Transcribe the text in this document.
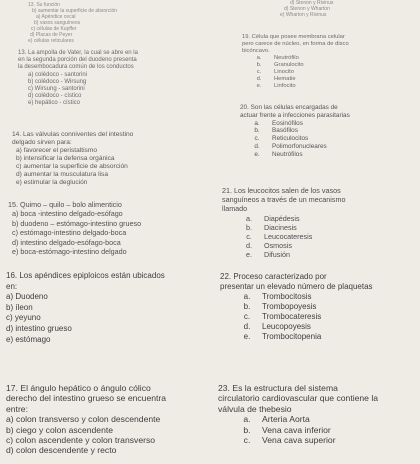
13. Su función
b) aumentar la superficie de absorción
a) Apéndice cecal
b) vasos sanguíneos
c) células de Kupffer
d) Placas de Peyer
e) células reticulares
13. La ampolla de Vater, la cual se abre en la
en la segunda porción del duodeno presenta
la desembocadura común de los conductos
a) colédoco - santorini
b) colédoco - Wirsung
c) Wirsung - santorini
d) colédoco - cístico
e) hepático - cístico
14. Las válvulas conniventes del intestino
delgado sirven para:
a) favorecer el peristaltismo
b) intensificar la defensa orgánica
c) aumentar la superficie de absorción
d) aumentar la musculatura lisa
e) estimular la deglución
15. Quimo – quilo – bolo alimenticio
a) boca -intestino delgado-esófago
b) duodeno – estómago-intestino grueso
c) estómago-intestino delgado-boca
d) intestino delgado-esófago-boca
e) boca-estómago-intestino delgado
16. Los apéndices epiploicos están ubicados
en:
a) Duodeno
b) íleon
c) yeyuno
d) intestino grueso
e) estómago
17. El ángulo hepático o ángulo cólico
derecho del intestino grueso se encuentra
entre:
a) colon transverso y colon descendente
b) ciego y colon ascendente
c) colon ascendente y colon transverso
d) colon descendente y recto
d) Stenon y Rivinus
d) Stenon y Wharton
e) Wharton y Rivinus
19. Célula que posee membrana celular
pero carece de núcleo, en forma de disco
bicóncavo.
a.	Neutrófilo
b.	Granulocito
c.	Linocito
d.	Hematie
e.	Linfocito
20. Son las células encargadas de
actuar frente a infecciones parasitarias
a.	Eosinófilos
b.	Basófilos
c.	Reticulocitos
d.	Polimorfonucleares
e.	Neutrófilos
21. Los leucocitos salen de los vasos
sanguíneos a través de un mecanismo
llamado
a.	Diapédesis
b.	Diacinesis
c.	Leucocateresis
d.	Osmosis
e.	Difusión
22. Proceso caracterizado por
presentar un elevado número de plaquetas
a.	Trombocitosis
b.	Trombopoyesis
c.	Trombocateresis
d.	Leucopoyesis
e.	Trombocitopenia
23. Es la estructura del sistema
circulatorio cardiovascular que contiene la
válvula de thebesio
a.	Arteria Aorta
b.	Vena cava inferior
c.	Vena cava superior
